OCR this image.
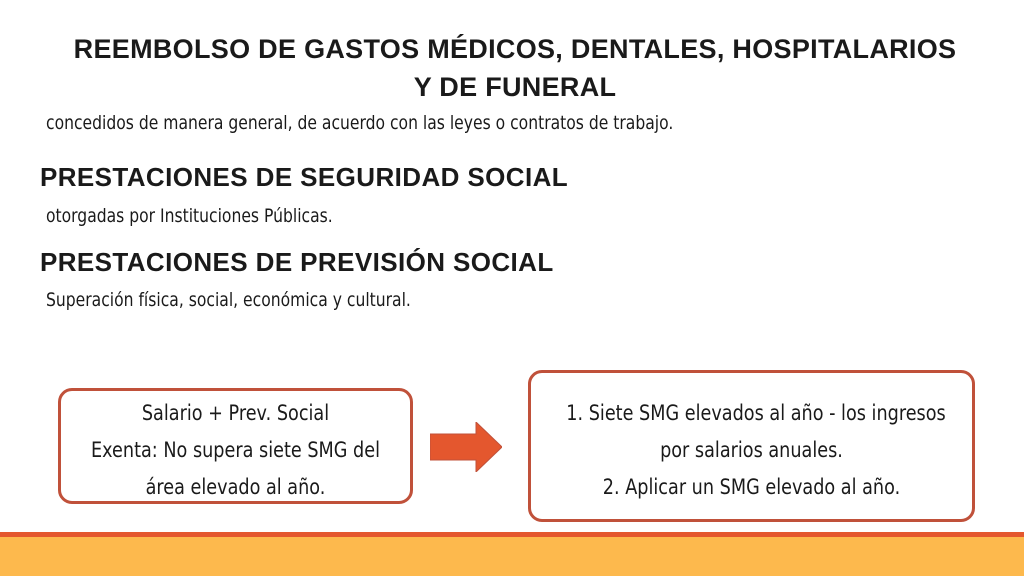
REEMBOLSO DE GASTOS MÉDICOS, DENTALES, HOSPITALARIOS
Y DE FUNERAL
concedidos de manera general, de acuerdo con las leyes o contratos de trabajo.
PRESTACIONES DE SEGURIDAD SOCIAL
otorgadas por Instituciones Públicas.
PRESTACIONES DE PREVISIÓN SOCIAL
Superación física, social, económica y cultural.
Salario + Prev. Social
Exenta: No supera siete SMG del
área elevado al año.
1. Siete SMG elevados al año - los ingresos
por salarios anuales.
2. Aplicar un SMG elevado al año.
